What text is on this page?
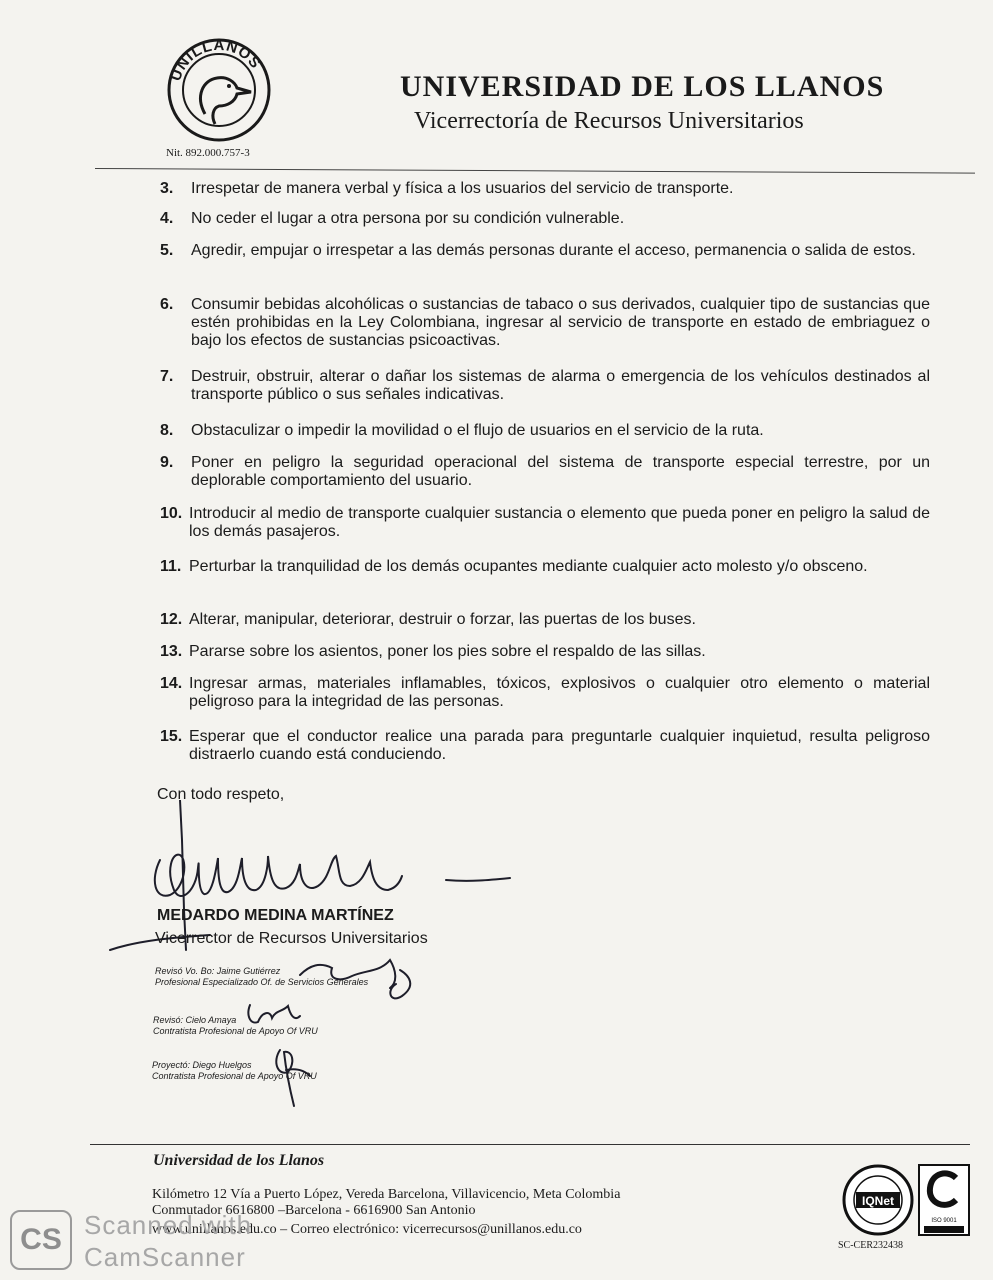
UNILLANOS
UNIVERSIDAD DE LOS LLANOS
Vicerrectoría de Recursos Universitarios
Nit. 892.000.757-3
3.	Irrespetar de manera verbal y física a los usuarios del servicio de transporte.
4.	No ceder el lugar a otra persona por su condición vulnerable.
5.	Agredir, empujar o irrespetar a las demás personas durante el acceso, permanencia o salida de estos.
6.	Consumir bebidas alcohólicas o sustancias de tabaco o sus derivados, cualquier tipo de sustancias que estén prohibidas en la Ley Colombiana, ingresar al servicio de transporte en estado de embriaguez o bajo los efectos de sustancias psicoactivas.
7.	Destruir, obstruir, alterar o dañar los sistemas de alarma o emergencia de los vehículos destinados al transporte público o sus señales indicativas.
8.	Obstaculizar o impedir la movilidad o el flujo de usuarios en el servicio de la ruta.
9.	Poner en peligro la seguridad operacional del sistema de transporte especial terrestre, por un deplorable comportamiento del usuario.
10. Introducir al medio de transporte cualquier sustancia o elemento que pueda poner en peligro la salud de los demás pasajeros.
11. Perturbar la tranquilidad de los demás ocupantes mediante cualquier acto molesto y/o obsceno.
12. Alterar, manipular, deteriorar, destruir o forzar, las puertas de los buses.
13. Pararse sobre los asientos, poner los pies sobre el respaldo de las sillas.
14. Ingresar armas, materiales inflamables, tóxicos, explosivos o cualquier otro elemento o material peligroso para la integridad de las personas.
15. Esperar que el conductor realice una parada para preguntarle cualquier inquietud, resulta peligroso distraerlo cuando está conduciendo.
Con todo respeto,
MEDARDO MEDINA MARTÍNEZ
Vicerrector de Recursos Universitarios
Revisó Vo. Bo: Jaime Gutiérrez
Profesional Especializado Of. de Servicios Generales
Revisó: Cielo Amaya
Contratista Profesional de Apoyo Of VRU
Proyectó: Diego Huelgos
Contratista Profesional de Apoyo Of VRU
Universidad de los Llanos
Kilómetro 12 Vía a Puerto López, Vereda Barcelona, Villavicencio, Meta Colombia
Conmutador 6616800 –Barcelona - 6616900 San Antonio
www.unillanos.edu.co – Correo electrónico: vicerrecursos@unillanos.edu.co
IQNet
ISO 9001
SC-CER232438
CS Scanned with
CamScanner
